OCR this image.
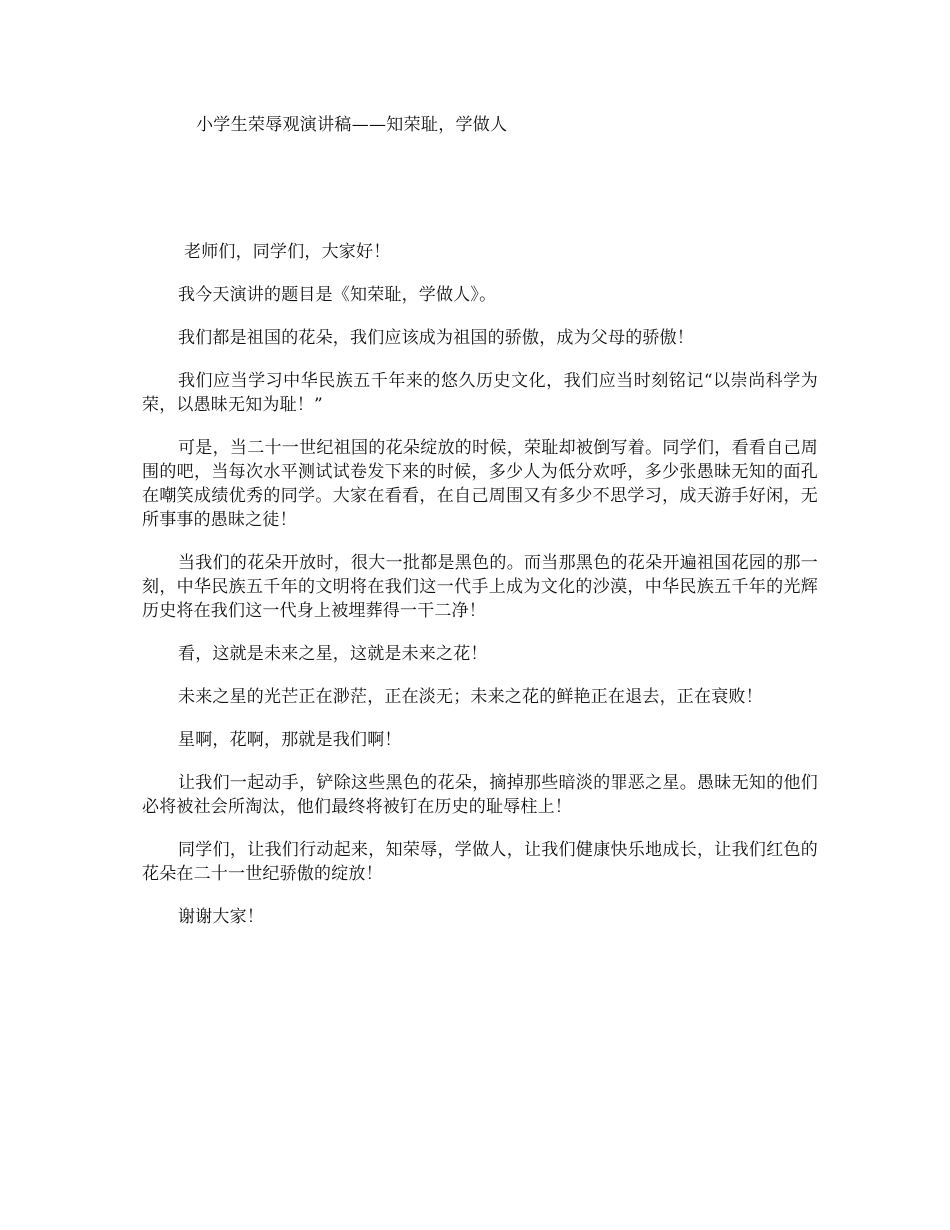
小学生荣辱观演讲稿——知荣耻，学做人

老师们，同学们，大家好！

我今天演讲的题目是《知荣耻，学做人》。

我们都是祖国的花朵，我们应该成为祖国的骄傲，成为父母的骄傲！

我们应当学习中华民族五千年来的悠久历史文化，我们应当时刻铭记“以崇尚科学为荣，以愚昧无知为耻！”

可是，当二十一世纪祖国的花朵绽放的时候，荣耻却被倒写着。同学们，看看自己周围的吧，当每次水平测试试卷发下来的时候，多少人为低分欢呼，多少张愚昧无知的面孔在嘲笑成绩优秀的同学。大家在看看，在自己周围又有多少不思学习，成天游手好闲，无所事事的愚昧之徒！

当我们的花朵开放时，很大一批都是黑色的。而当那黑色的花朵开遍祖国花园的那一刻，中华民族五千年的文明将在我们这一代手上成为文化的沙漠，中华民族五千年的光辉历史将在我们这一代身上被埋葬得一干二净！

看，这就是未来之星，这就是未来之花！

未来之星的光芒正在渺茫，正在淡无；未来之花的鲜艳正在退去，正在衰败！

星啊，花啊，那就是我们啊！

让我们一起动手，铲除这些黑色的花朵，摘掉那些暗淡的罪恶之星。愚昧无知的他们必将被社会所淘汰，他们最终将被钉在历史的耻辱柱上！

同学们，让我们行动起来，知荣辱，学做人，让我们健康快乐地成长，让我们红色的花朵在二十一世纪骄傲的绽放！

谢谢大家！
